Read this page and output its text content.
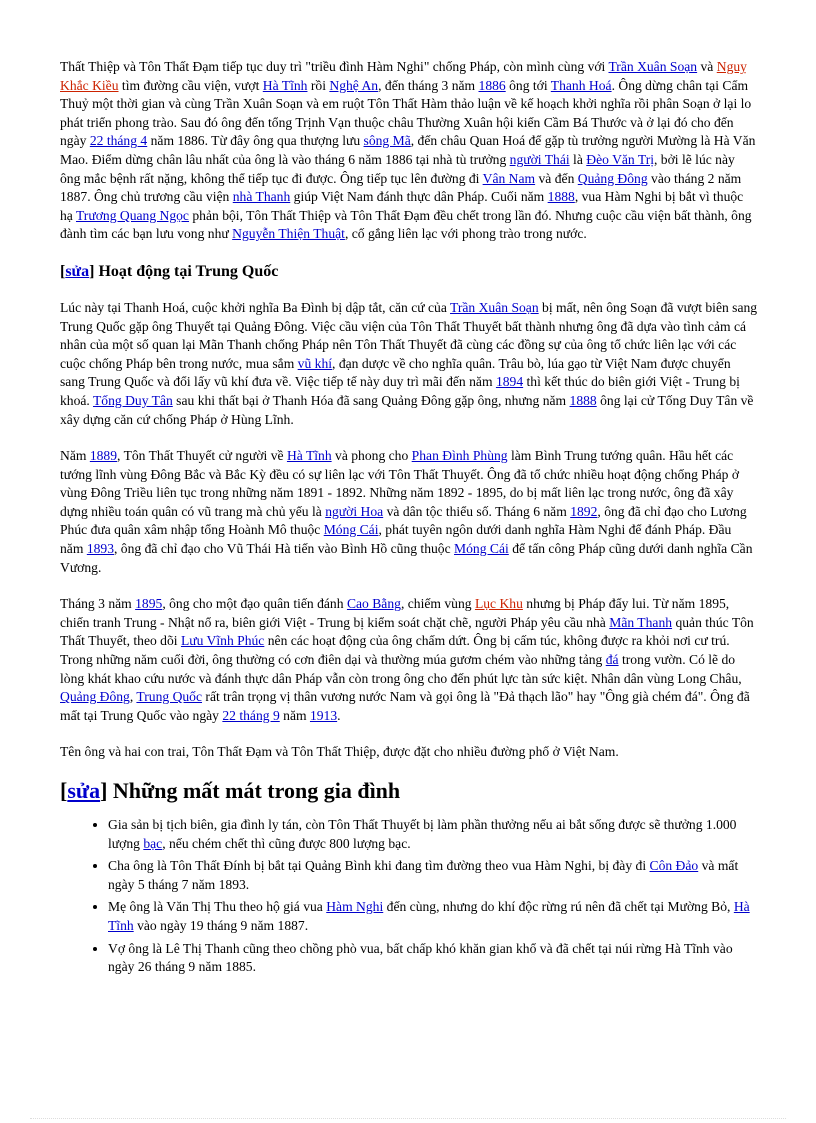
Thất Thiệp và Tôn Thất Đạm tiếp tục duy trì "triều đình Hàm Nghi" chống Pháp, còn mình cùng với Trần Xuân Soạn và Nguỵ Khắc Kiều tìm đường cầu viện, vượt Hà Tĩnh rồi Nghệ An, đến tháng 3 năm 1886 ông tới Thanh Hoá. Ông dừng chân tại Cẩm Thuỷ một thời gian và cùng Trần Xuân Soạn và em ruột Tôn Thất Hàm thảo luận về kế hoạch khởi nghĩa rồi phân Soạn ở lại lo phát triển phong trào. Sau đó ông đến tổng Trịnh Vạn thuộc châu Thường Xuân hội kiến Cầm Bá Thước và ở lại đó cho đến ngày 22 tháng 4 năm 1886. Từ đây ông qua thượng lưu sông Mã, đến châu Quan Hoá để gặp tù trưởng người Mường là Hà Văn Mao. Điểm dừng chân lâu nhất của ông là vào tháng 6 năm 1886 tại nhà tù trưởng người Thái là Đèo Văn Trị, bởi lẽ lúc này ông mắc bệnh rất nặng, không thể tiếp tục đi được. Ông tiếp tục lên đường đi Vân Nam và đến Quảng Đông vào tháng 2 năm 1887. Ông chủ trương cầu viện nhà Thanh giúp Việt Nam đánh thực dân Pháp. Cuối năm 1888, vua Hàm Nghi bị bắt vì thuộc hạ Trương Quang Ngọc phản bội, Tôn Thất Thiệp và Tôn Thất Đạm đều chết trong lần đó. Nhưng cuộc cầu viện bất thành, ông đành tìm các bạn lưu vong như Nguyễn Thiện Thuật, cố gắng liên lạc với phong trào trong nước.

[sửa] Hoạt động tại Trung Quốc

Lúc này tại Thanh Hoá, cuộc khởi nghĩa Ba Đình bị dập tắt, căn cứ của Trần Xuân Soạn bị mất, nên ông Soạn đã vượt biên sang Trung Quốc gặp ông Thuyết tại Quảng Đông. Việc cầu viện của Tôn Thất Thuyết bất thành nhưng ông đã dựa vào tình cảm cá nhân của một số quan lại Mãn Thanh chống Pháp nên Tôn Thất Thuyết đã cùng các đồng sự của ông tổ chức liên lạc với các cuộc chống Pháp bên trong nước, mua sắm vũ khí, đạn dược về cho nghĩa quân. Trâu bò, lúa gạo từ Việt Nam được chuyển sang Trung Quốc và đổi lấy vũ khí đưa về. Việc tiếp tế này duy trì mãi đến năm 1894 thì kết thúc do biên giới Việt - Trung bị khoá. Tống Duy Tân sau khi thất bại ở Thanh Hóa đã sang Quảng Đông gặp ông, nhưng năm 1888 ông lại cử Tống Duy Tân về xây dựng căn cứ chống Pháp ở Hùng Lĩnh.

Năm 1889, Tôn Thất Thuyết cử người về Hà Tĩnh và phong cho Phan Đình Phùng làm Bình Trung tướng quân. Hầu hết các tướng lĩnh vùng Đông Bắc và Bắc Kỳ đều có sự liên lạc với Tôn Thất Thuyết. Ông đã tổ chức nhiều hoạt động chống Pháp ở vùng Đông Triều liên tục trong những năm 1891 - 1892. Những năm 1892 - 1895, do bị mất liên lạc trong nước, ông đã xây dựng nhiều toán quân có vũ trang mà chủ yếu là người Hoa và dân tộc thiểu số. Tháng 6 năm 1892, ông đã chỉ đạo cho Lương Phúc đưa quân xâm nhập tổng Hoành Mô thuộc Móng Cái, phát tuyên ngôn dưới danh nghĩa Hàm Nghi để đánh Pháp. Đầu năm 1893, ông đã chỉ đạo cho Vũ Thái Hà tiến vào Bình Hồ cũng thuộc Móng Cái để tấn công Pháp cũng dưới danh nghĩa Cần Vương.

Tháng 3 năm 1895, ông cho một đạo quân tiến đánh Cao Bằng, chiếm vùng Lục Khu nhưng bị Pháp đẩy lui. Từ năm 1895, chiến tranh Trung - Nhật nổ ra, biên giới Việt - Trung bị kiểm soát chặt chẽ, người Pháp yêu cầu nhà Mãn Thanh quản thúc Tôn Thất Thuyết, theo dõi Lưu Vĩnh Phúc nên các hoạt động của ông chấm dứt. Ông bị cấm túc, không được ra khỏi nơi cư trú. Trong những năm cuối đời, ông thường có cơn điên dại và thường múa gươm chém vào những tảng đá trong vườn. Có lẽ do lòng khát khao cứu nước và đánh thực dân Pháp vẫn còn trong ông cho đến phút lực tàn sức kiệt. Nhân dân vùng Long Châu, Quảng Đông, Trung Quốc rất trân trọng vị thân vương nước Nam và gọi ông là "Đả thạch lão" hay "Ông già chém đá". Ông đã mất tại Trung Quốc vào ngày 22 tháng 9 năm 1913.

Tên ông và hai con trai, Tôn Thất Đạm và Tôn Thất Thiệp, được đặt cho nhiều đường phố ở Việt Nam.

[sửa] Những mất mát trong gia đình
• Gia sản bị tịch biên, gia đình ly tán, còn Tôn Thất Thuyết bị làm phần thưởng nếu ai bắt sống được sẽ thưởng 1.000 lượng bạc, nếu chém chết thì cũng được 800 lượng bạc.
• Cha ông là Tôn Thất Đính bị bắt tại Quảng Bình khi đang tìm đường theo vua Hàm Nghi, bị đày đi Côn Đảo và mất ngày 5 tháng 7 năm 1893.
• Mẹ ông là Văn Thị Thu theo hộ giá vua Hàm Nghi đến cùng, nhưng do khí độc rừng rú nên đã chết tại Mường Bỏ, Hà Tĩnh vào ngày 19 tháng 9 năm 1887.
• Vợ ông là Lê Thị Thanh cũng theo chồng phò vua, bất chấp khó khăn gian khổ và đã chết tại núi rừng Hà Tĩnh vào ngày 26 tháng 9 năm 1885.
